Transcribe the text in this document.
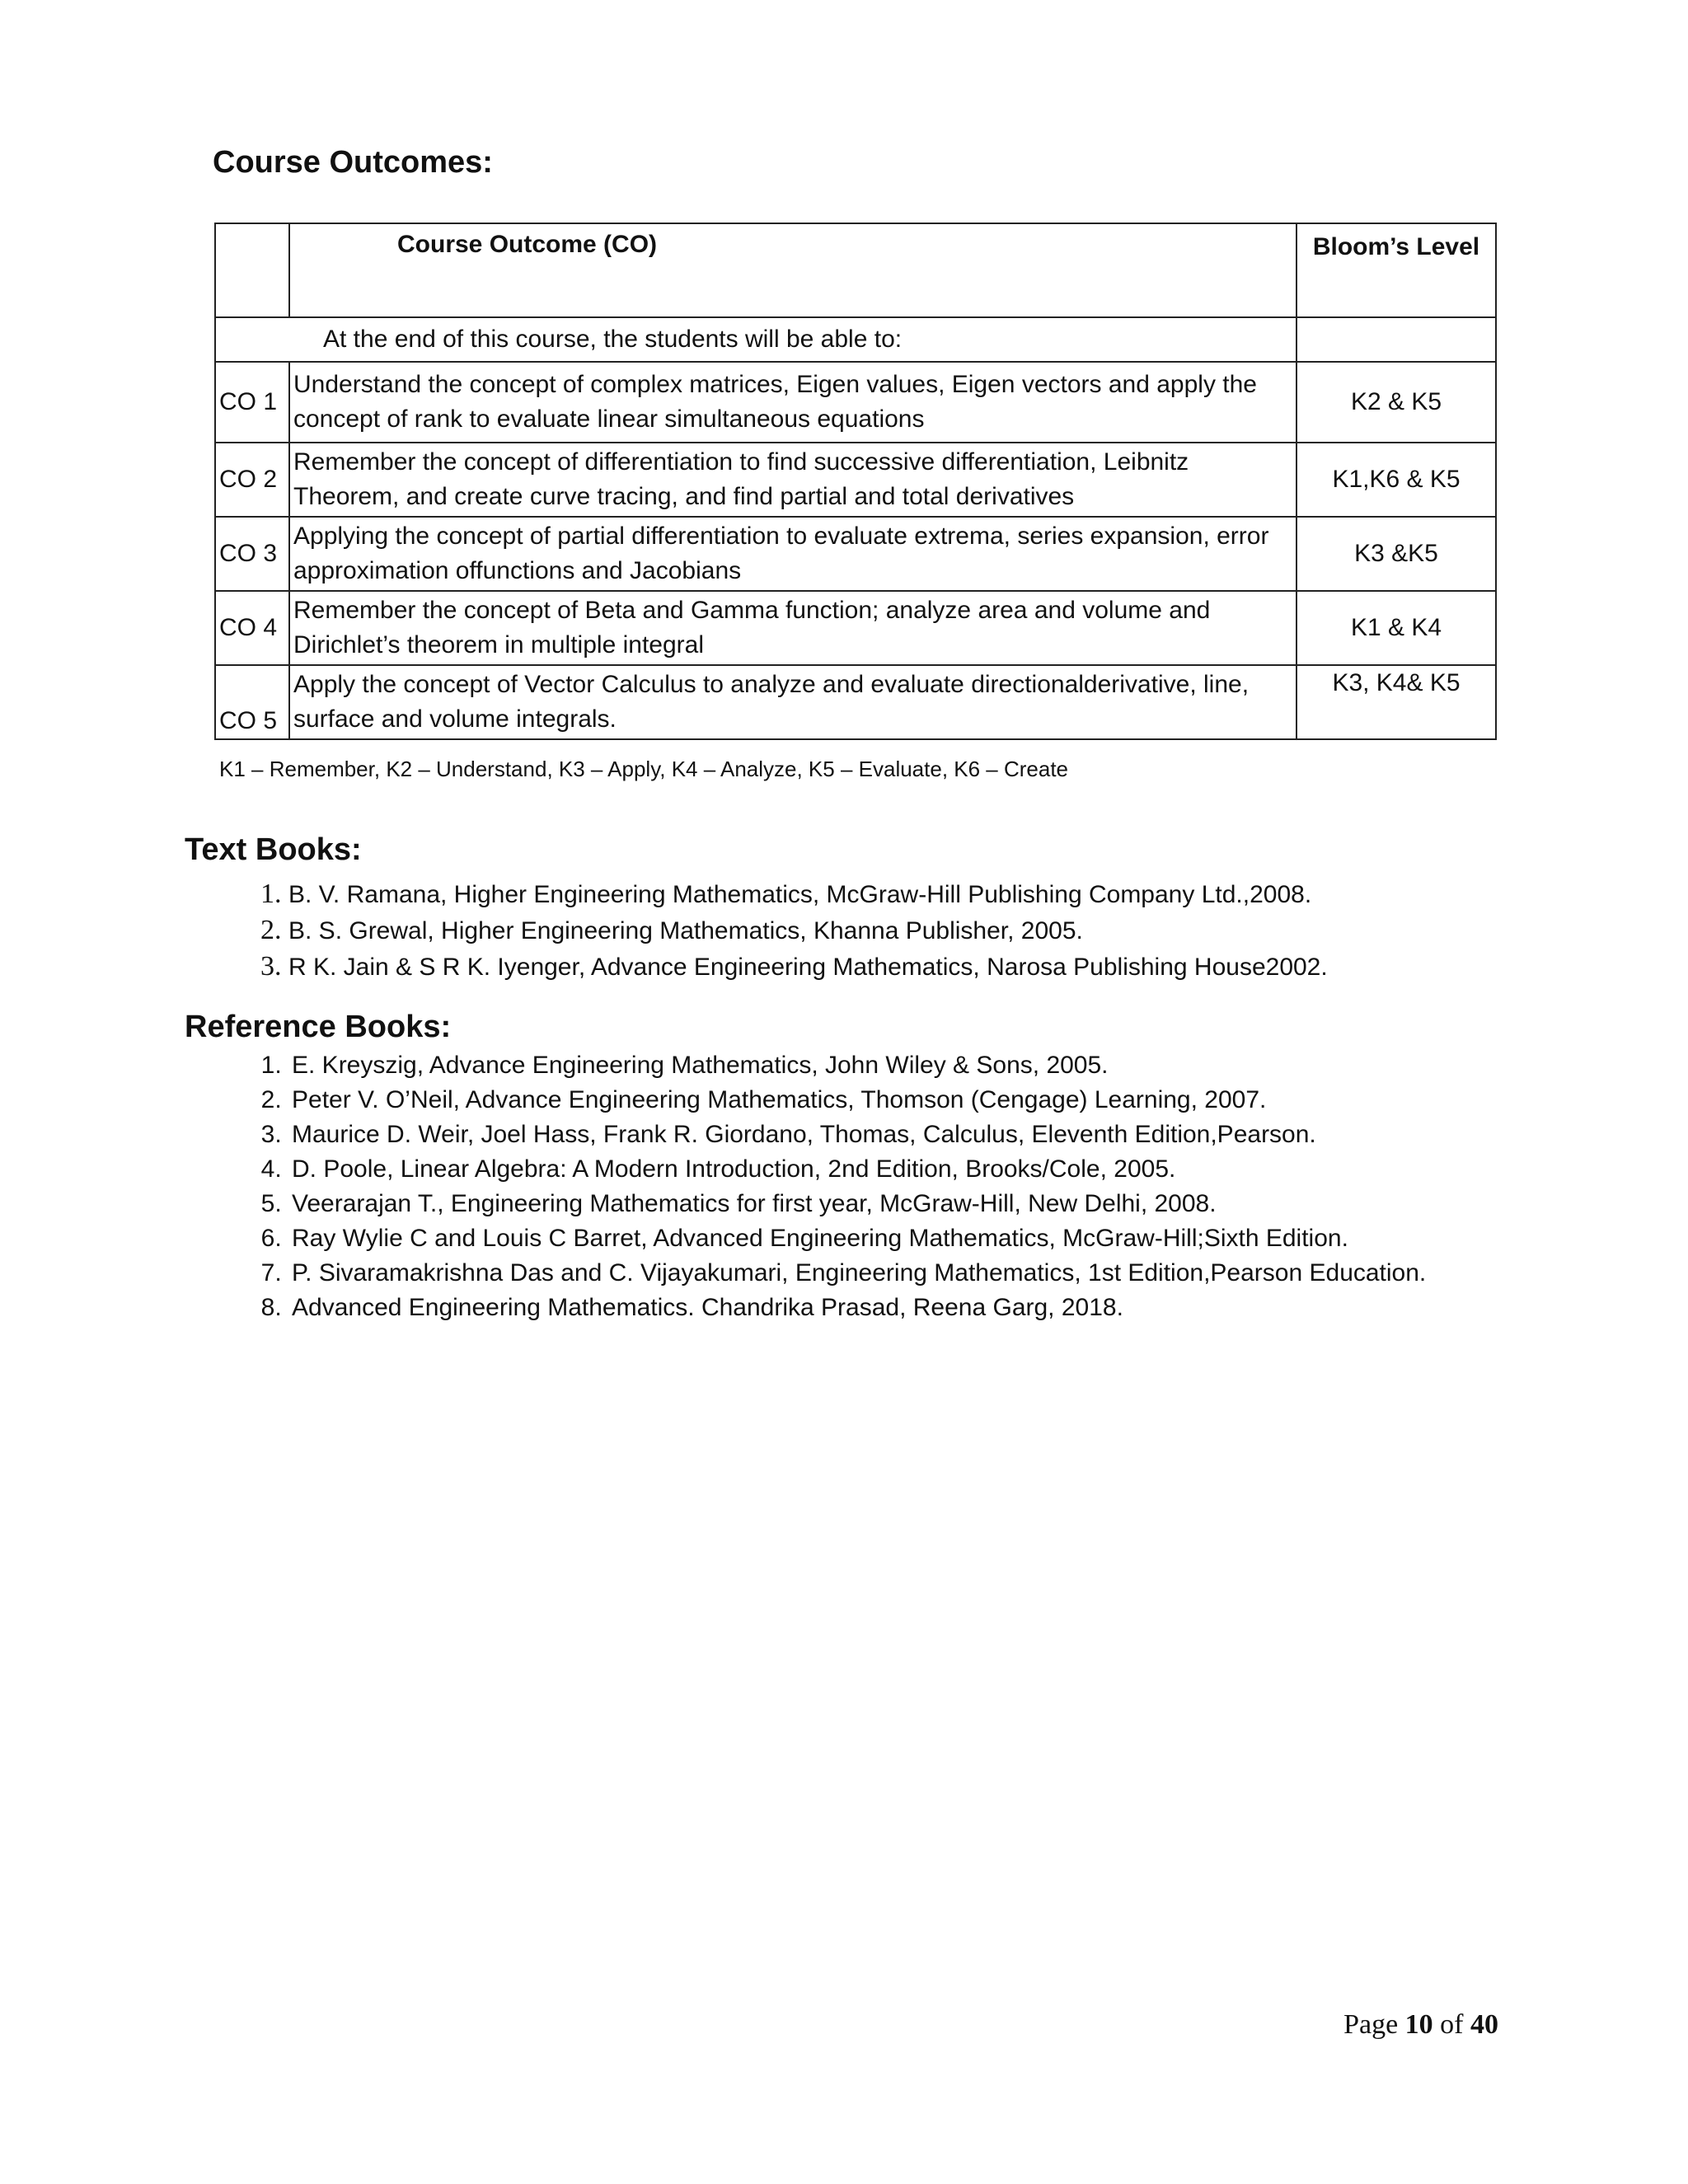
Course Outcomes:
	Course Outcome (CO)	Bloom’s Level
At the end of this course, the students will be able to:		
CO 1	Understand the concept of complex matrices, Eigen values, Eigen vectors and apply the concept of rank to evaluate linear simultaneous equations	K2 & K5
CO 2	Remember the concept of differentiation to find successive differentiation, Leibnitz Theorem, and create curve tracing, and find partial and total derivatives	K1,K6 & K5
CO 3	Applying the concept of partial differentiation to evaluate extrema, series expansion, error approximation offunctions and Jacobians	K3 &K5
CO 4	Remember the concept of Beta and Gamma function; analyze area and volume and Dirichlet’s theorem in multiple integral	K1 & K4
CO 5	Apply the concept of Vector Calculus to analyze and evaluate directionalderivative, line, surface and volume integrals.	K3, K4& K5
K1 – Remember, K2 – Understand, K3 – Apply, K4 – Analyze, K5 – Evaluate, K6 – Create
Text Books:
1. B. V. Ramana, Higher Engineering Mathematics, McGraw-Hill Publishing Company Ltd.,2008.
2. B. S. Grewal, Higher Engineering Mathematics, Khanna Publisher, 2005.
3. R K. Jain & S R K. Iyenger, Advance Engineering Mathematics, Narosa Publishing House2002.
Reference Books:
1. E. Kreyszig, Advance Engineering Mathematics, John Wiley & Sons, 2005.
2. Peter V. O’Neil, Advance Engineering Mathematics, Thomson (Cengage) Learning, 2007.
3. Maurice D. Weir, Joel Hass, Frank R. Giordano, Thomas, Calculus, Eleventh Edition,Pearson.
4. D. Poole, Linear Algebra: A Modern Introduction, 2nd Edition, Brooks/Cole, 2005.
5. Veerarajan T., Engineering Mathematics for first year, McGraw-Hill, New Delhi, 2008.
6. Ray Wylie C and Louis C Barret, Advanced Engineering Mathematics, McGraw-Hill;Sixth Edition.
7. P. Sivaramakrishna Das and C. Vijayakumari, Engineering Mathematics, 1st Edition,Pearson Education.
8. Advanced Engineering Mathematics. Chandrika Prasad, Reena Garg, 2018.
Page 10 of 40
